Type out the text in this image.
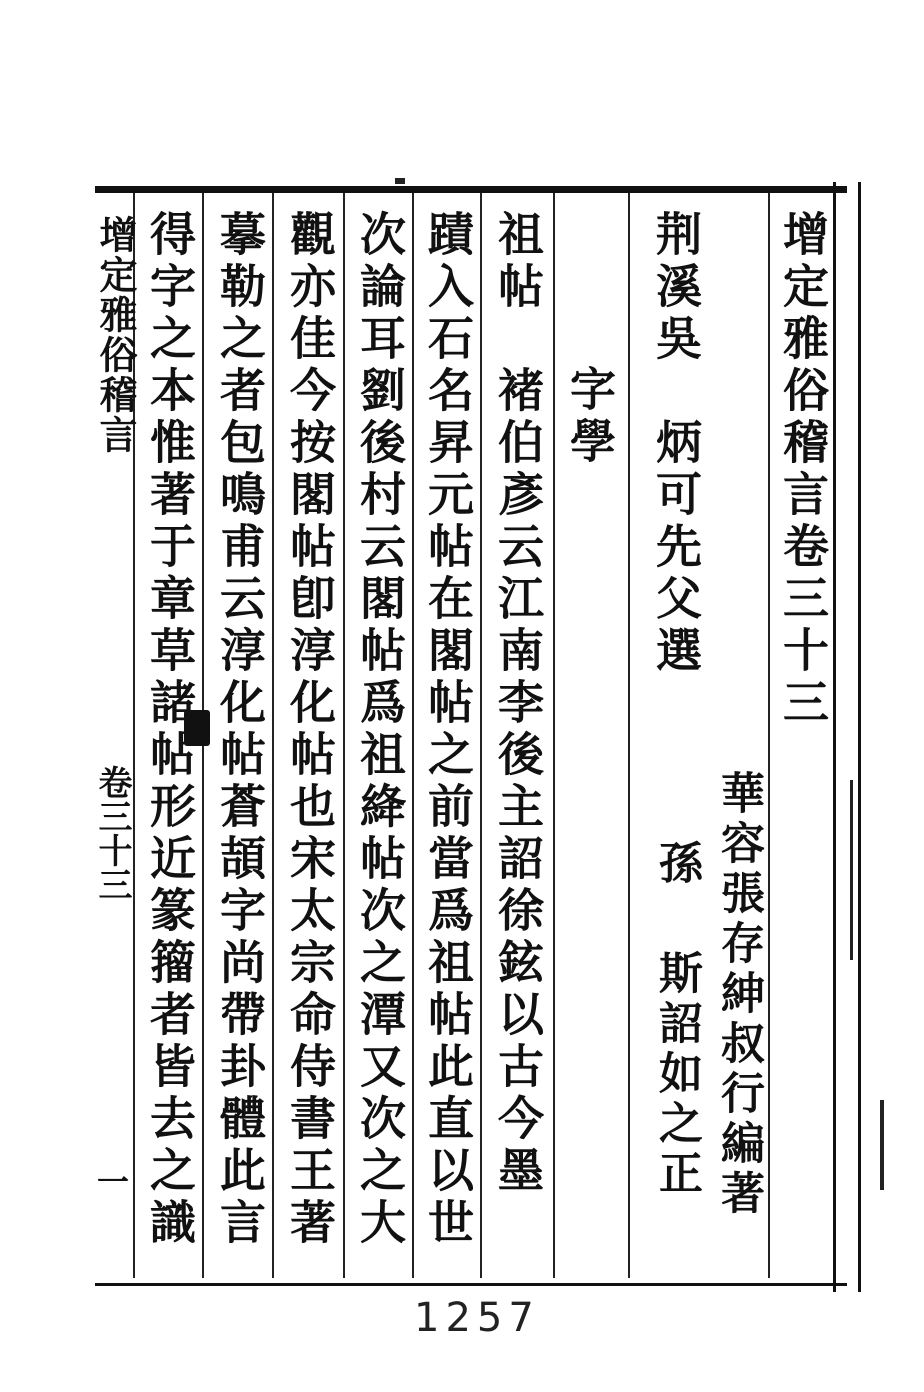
增定雅俗稽言
卷三十三
一
增定雅俗稽言卷三十三
華容張存紳叔行編著
斯詔如之正
荆溪吳　炳可先父選
孫
字學
祖帖　褚伯彥云江南李後主詔徐鉉以古今墨
蹟入石名昇元帖在閣帖之前當爲祖帖此直以世
次論耳劉後村云閣帖爲祖絳帖次之潭又次之大
觀亦佳今按閣帖卽淳化帖也宋太宗命侍書王著
摹勒之者包鳴甫云淳化帖蒼頡字尚帶卦體此言
得字之本惟著于章草諸帖形近篆籀者皆去之識
1257
